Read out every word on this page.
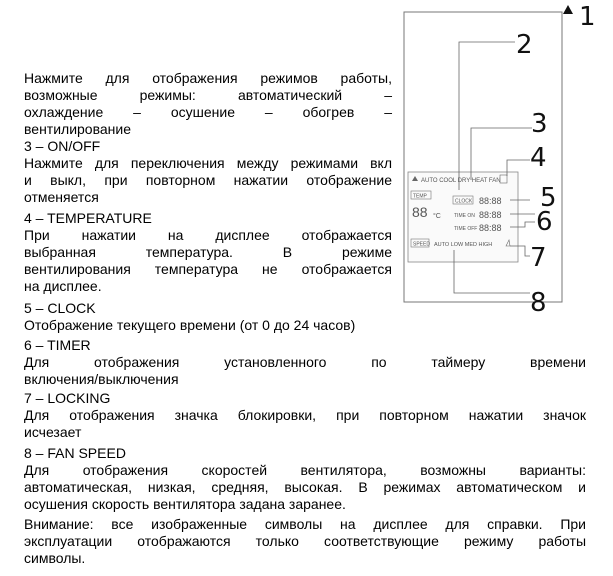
Нажмите для отображения режимов работы,
возможные режимы: автоматический –
охлаждение – осушение – обогрев –
вентилирование
3 – ON/OFF
Нажмите для переключения между режимами вкл
и выкл, при повторном нажатии отображение
отменяется
4 – TEMPERATURE
При нажатии на дисплее отображается
выбранная температура. В режиме
вентилирования температура не отображается
на дисплее.
5 – CLOCK
Отображение текущего времени (от 0 до 24 часов)
6 – TIMER
Для отображения установленного по таймеру времени
включения/выключения
7 – LOCKING
Для отображения значка блокировки, при повторном нажатии значок
исчезает
8 – FAN SPEED
Для отображения скоростей вентилятора, возможны варианты:
автоматическая, низкая, средняя, высокая. В режимах автоматическом и
осушения скорость вентилятора задана заранее.
Внимание: все изображенные символы на дисплее для справки. При
эксплуатации отображаются только соответствующие режиму работы
символы.
1
AUTO COOL DRY HEAT FAN
TEMP
88 °C
CLOCK 88:88
TIME ON 88:88
TIME OFF 88:88
SPEED AUTO LOW MED HIGH
2
3
4
5
6
7
8
